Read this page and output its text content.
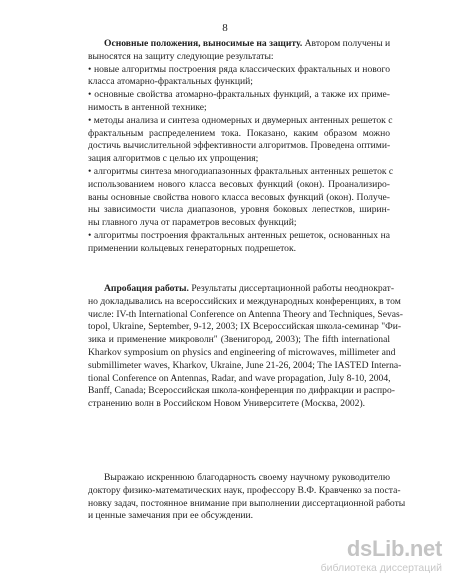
8
Основные положения, выносимые на защиту. Автором получены и
выносятся на защиту следующие результаты:
• новые алгоритмы построения ряда классических фрактальных и нового
класса атомарно-фрактальных функций;
• основные свойства атомарно-фрактальных функций, а также их приме-
нимость в антенной технике;
• методы анализа и синтеза одномерных и двумерных антенных решеток с
фрактальным распределением тока. Показано, каким образом можно
достичь вычислительной эффективности алгоритмов. Проведена оптими-
зация алгоритмов с целью их упрощения;
• алгоритмы синтеза многодиапазонных фрактальных антенных решеток с
использованием нового класса весовых функций (окон). Проанализиро-
ваны основные свойства нового класса весовых функций (окон). Получе-
ны зависимости числа диапазонов, уровня боковых лепестков, ширин-
ны главного луча от параметров весовых функций;
• алгоритмы построения фрактальных антенных решеток, основанных на
применении кольцевых генераторных подрешеток.
Апробация работы. Результаты диссертационной работы неоднократ-
но докладывались на всероссийских и международных конференциях, в том
числе: IV-th International Conference on Antenna Theory and Techniques, Sevas-
topol, Ukraine, September, 9-12, 2003; IX Всероссийская школа-семинар "Фи-
зика и применение микроволн" (Звенигород, 2003); The fifth international
Kharkov symposium on physics and engineering of microwaves, millimeter and
submillimeter waves, Kharkov, Ukraine, June 21-26, 2004; The IASTED Interna-
tional Conference on Antennas, Radar, and wave propagation, July 8-10, 2004,
Banff, Canada; Всероссийская школа-конференция по дифракции и распро-
странению волн в Российском Новом Университете (Москва, 2002).
Выражаю искреннюю благодарность своему научному руководителю
доктору физико-математических наук, профессору В.Ф. Кравченко за поста-
новку задач, постоянное внимание при выполнении диссертационной работы
и ценные замечания при ее обсуждении.
dsLib.net
библиотека диссертаций
